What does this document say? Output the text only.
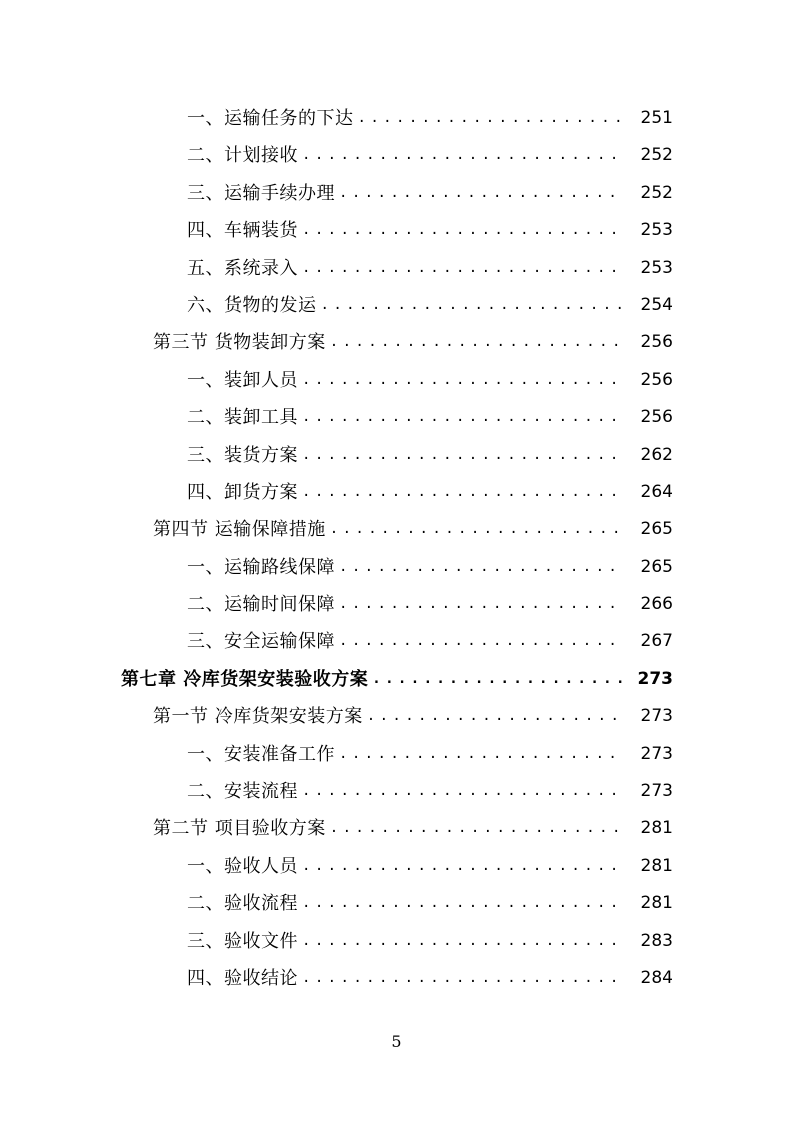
一、运输任务的下达 .....	251
二、计划接收 .....	252
三、运输手续办理 .....	252
四、车辆装货 .....	253
五、系统录入 .....	253
六、货物的发运 .....	254
第三节 货物装卸方案 .....	256
一、装卸人员 .....	256
二、装卸工具 .....	256
三、装货方案 .....	262
四、卸货方案 .....	264
第四节 运输保障措施 .....	265
一、运输路线保障 .....	265
二、运输时间保障 .....	266
三、安全运输保障 .....	267
第七章 冷库货架安装验收方案 .....	273
第一节 冷库货架安装方案 .....	273
一、安装准备工作 .....	273
二、安装流程 .....	273
第二节 项目验收方案 .....	281
一、验收人员 .....	281
二、验收流程 .....	281
三、验收文件 .....	283
四、验收结论 .....	284
5
